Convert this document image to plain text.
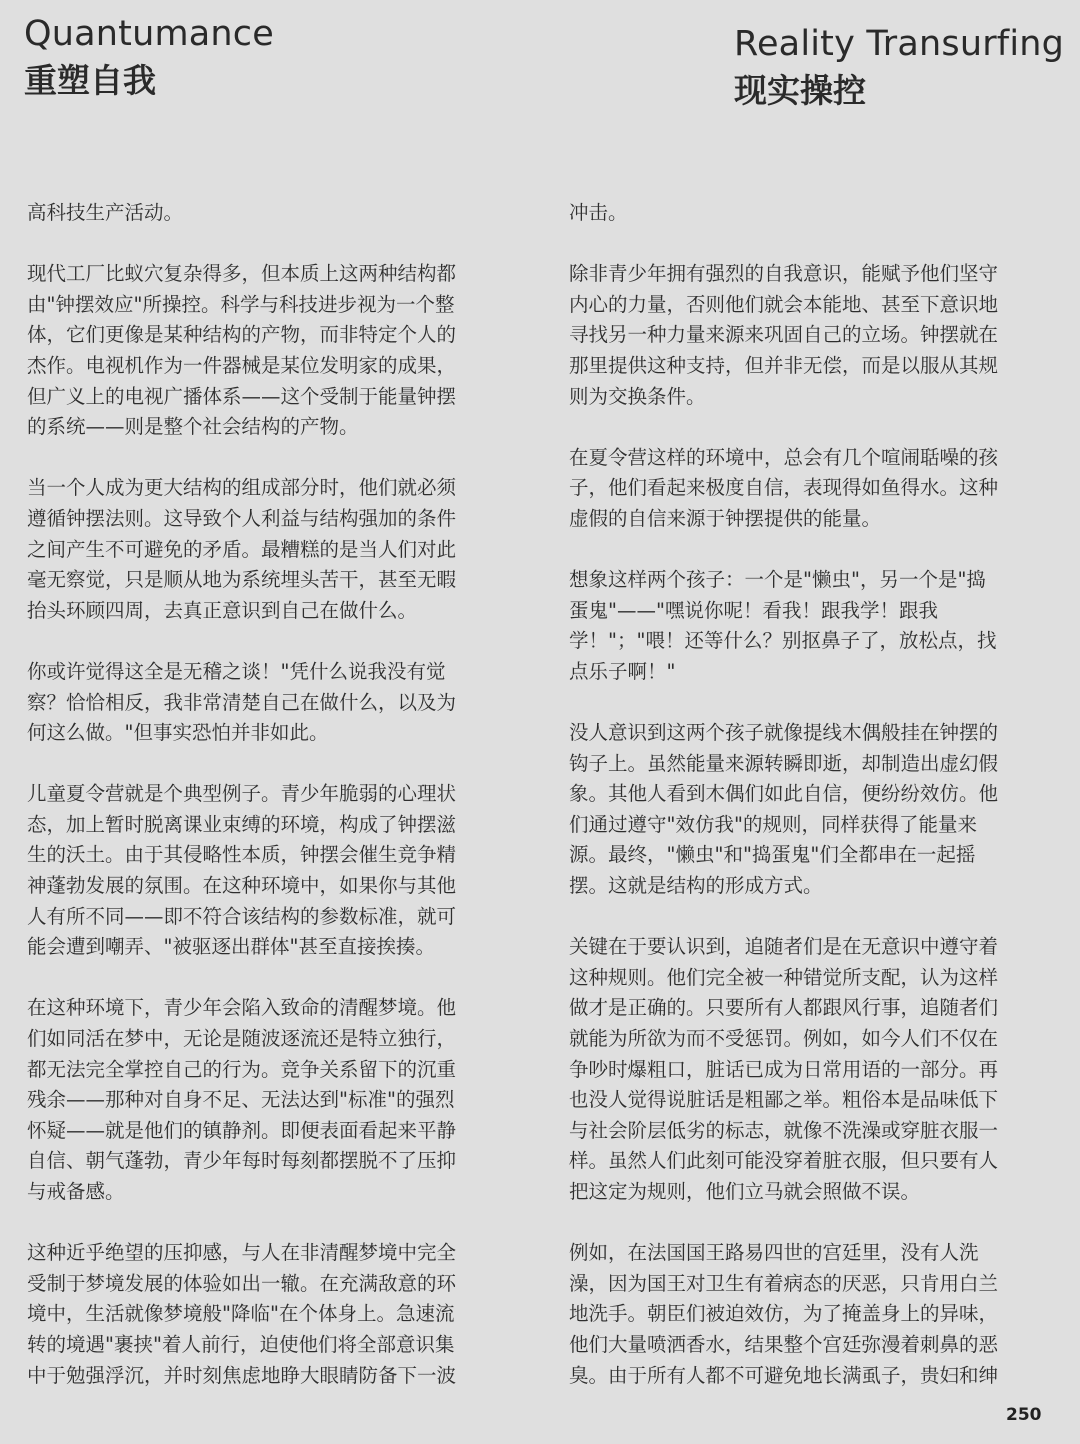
Quantumance
重塑自我
Reality Transurfing
现实操控
高科技生产活动。
现代工厂比蚁穴复杂得多，但本质上这两种结构都
由"钟摆效应"所操控。科学与科技进步视为一个整
体，它们更像是某种结构的产物，而非特定个人的
杰作。电视机作为一件器械是某位发明家的成果，
但广义上的电视广播体系——这个受制于能量钟摆
的系统——则是整个社会结构的产物。
当一个人成为更大结构的组成部分时，他们就必须
遵循钟摆法则。这导致个人利益与结构强加的条件
之间产生不可避免的矛盾。最糟糕的是当人们对此
毫无察觉，只是顺从地为系统埋头苦干，甚至无暇
抬头环顾四周，去真正意识到自己在做什么。
你或许觉得这全是无稽之谈！"凭什么说我没有觉
察？恰恰相反，我非常清楚自己在做什么，以及为
何这么做。"但事实恐怕并非如此。
儿童夏令营就是个典型例子。青少年脆弱的心理状
态，加上暂时脱离课业束缚的环境，构成了钟摆滋
生的沃土。由于其侵略性本质，钟摆会催生竞争精
神蓬勃发展的氛围。在这种环境中，如果你与其他
人有所不同——即不符合该结构的参数标准，就可
能会遭到嘲弄、"被驱逐出群体"甚至直接挨揍。
在这种环境下，青少年会陷入致命的清醒梦境。他
们如同活在梦中，无论是随波逐流还是特立独行，
都无法完全掌控自己的行为。竞争关系留下的沉重
残余——那种对自身不足、无法达到"标准"的强烈
怀疑——就是他们的镇静剂。即便表面看起来平静
自信、朝气蓬勃，青少年每时每刻都摆脱不了压抑
与戒备感。
这种近乎绝望的压抑感，与人在非清醒梦境中完全
受制于梦境发展的体验如出一辙。在充满敌意的环
境中，生活就像梦境般"降临"在个体身上。急速流
转的境遇"裹挟"着人前行，迫使他们将全部意识集
中于勉强浮沉，并时刻焦虑地睁大眼睛防备下一波
冲击。
除非青少年拥有强烈的自我意识，能赋予他们坚守
内心的力量，否则他们就会本能地、甚至下意识地
寻找另一种力量来源来巩固自己的立场。钟摆就在
那里提供这种支持，但并非无偿，而是以服从其规
则为交换条件。
在夏令营这样的环境中，总会有几个喧闹聒噪的孩
子，他们看起来极度自信，表现得如鱼得水。这种
虚假的自信来源于钟摆提供的能量。
想象这样两个孩子：一个是"懒虫"，另一个是"捣
蛋鬼"——"嘿说你呢！看我！跟我学！跟我
学！"；"喂！还等什么？别抠鼻子了，放松点，找
点乐子啊！"
没人意识到这两个孩子就像提线木偶般挂在钟摆的
钩子上。虽然能量来源转瞬即逝，却制造出虚幻假
象。其他人看到木偶们如此自信，便纷纷效仿。他
们通过遵守"效仿我"的规则，同样获得了能量来
源。最终，"懒虫"和"捣蛋鬼"们全都串在一起摇
摆。这就是结构的形成方式。
关键在于要认识到，追随者们是在无意识中遵守着
这种规则。他们完全被一种错觉所支配，认为这样
做才是正确的。只要所有人都跟风行事，追随者们
就能为所欲为而不受惩罚。例如，如今人们不仅在
争吵时爆粗口，脏话已成为日常用语的一部分。再
也没人觉得说脏话是粗鄙之举。粗俗本是品味低下
与社会阶层低劣的标志，就像不洗澡或穿脏衣服一
样。虽然人们此刻可能没穿着脏衣服，但只要有人
把这定为规则，他们立马就会照做不误。
例如，在法国国王路易四世的宫廷里，没有人洗
澡，因为国王对卫生有着病态的厌恶，只肯用白兰
地洗手。朝臣们被迫效仿，为了掩盖身上的异味，
他们大量喷洒香水，结果整个宫廷弥漫着刺鼻的恶
臭。由于所有人都不可避免地长满虱子，贵妇和绅
250
